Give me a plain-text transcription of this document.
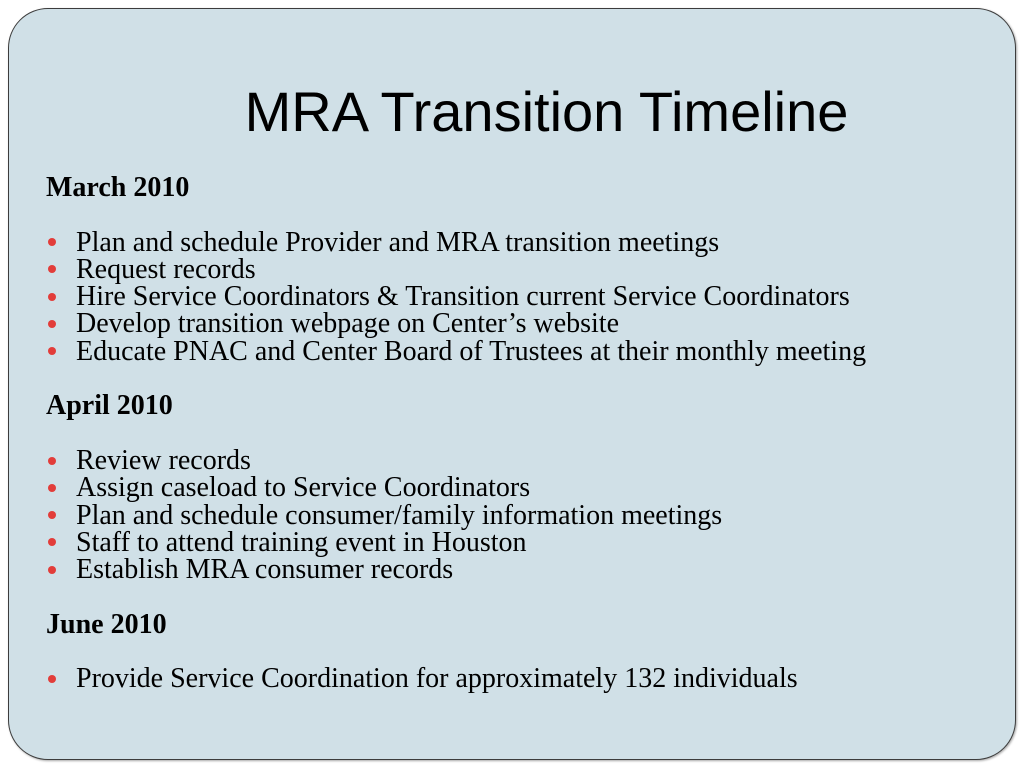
MRA Transition Timeline
March 2010
Plan and schedule Provider and MRA transition meetings
Request records
Hire Service Coordinators & Transition current Service Coordinators
Develop transition webpage on Center’s website
Educate PNAC and Center Board of Trustees at their monthly meeting
April 2010
Review records
Assign caseload to Service Coordinators
Plan and schedule consumer/family information meetings
Staff to attend training event in Houston
Establish MRA consumer records
June 2010
Provide Service Coordination for approximately 132 individuals
